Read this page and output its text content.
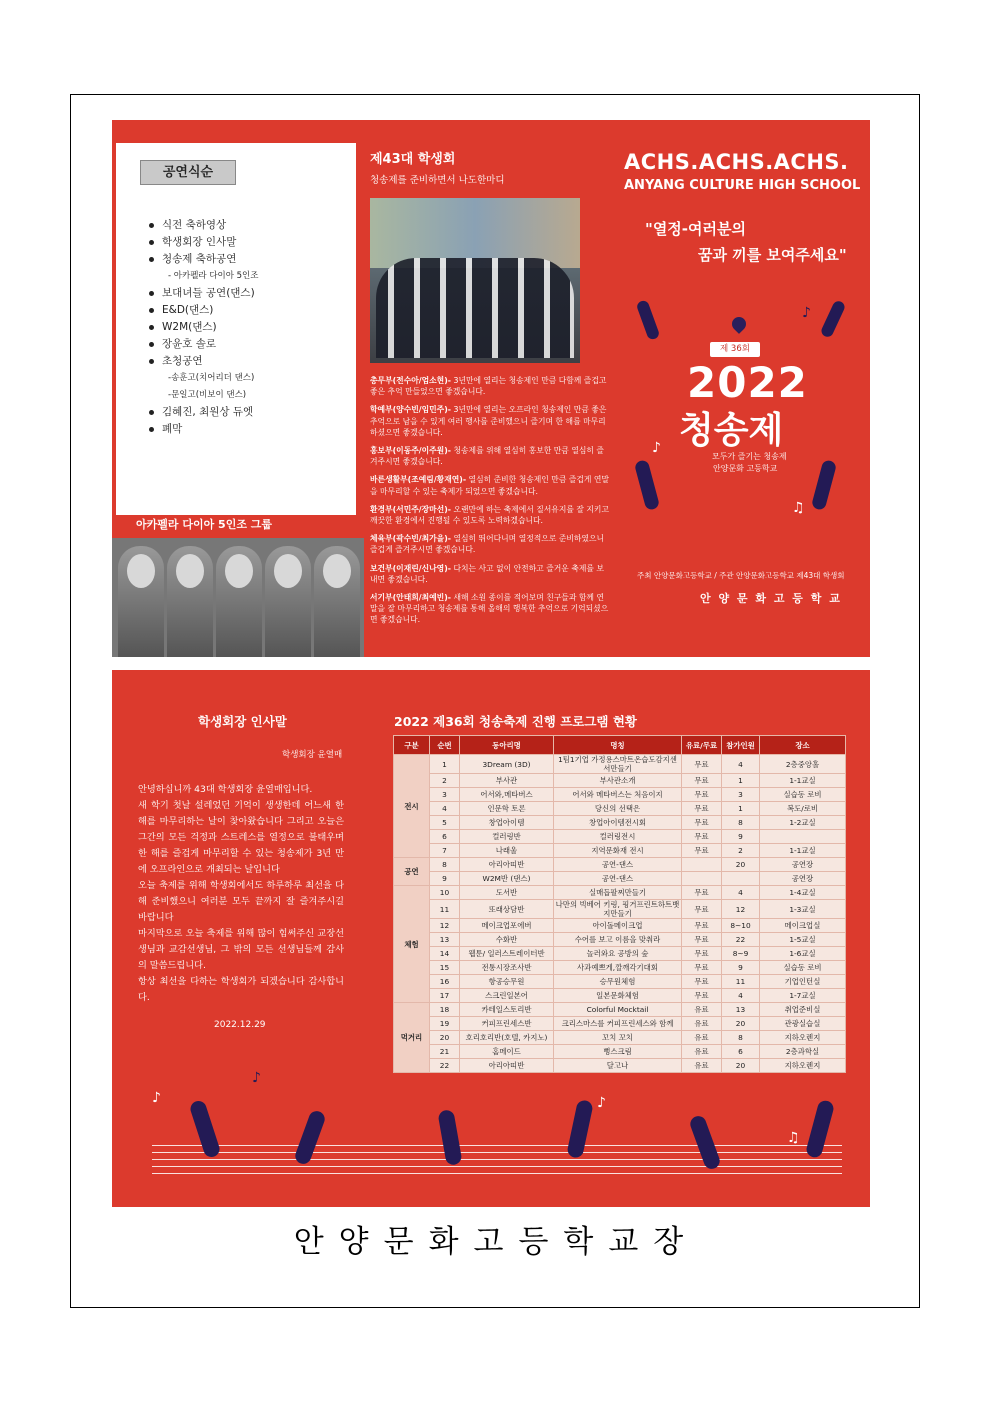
공연식순
식전 축하영상
학생회장 인사말
청송제 축하공연
- 아카펠라 다이아 5인조
보대녀들 공연(댄스)
E&D(댄스)
W2M(댄스)
장윤호 솔로
초청공연
-송훈고(치어리더 댄스)
-문일고(비보이 댄스)
김혜진, 최원상 듀엣
폐막
아카펠라 다이아 5인조 그룹
제43대 학생회
청송제를 준비하면서 나도한마디

총무부(전수아/엄소현)- 3년만에 열리는 청송제인 만큼 다함께 즐겁고 좋은 추억 만들었으면 좋겠습니다.

학예부(양수빈/임민주)- 3년만에 열리는 오프라인 청송제인 만큼 좋은 추억으로 남을 수 있게 여러 행사를 준비했으니 즐기며 한 해를 마무리 하셨으면 좋겠습니다.

홍보부(이동주/이주원)- 청송제를 위해 열심히 홍보한 만큼 열심히 즐겨주시면 좋겠습니다.

바른생활부(조예림/황재연)- 열심히 준비한 청송제인 만큼 즐겁게 연말을 마무리할 수 있는 축제가 되었으면 좋겠습니다.

환경부(서민주/장마선)- 오랜만에 하는 축제에서 질서유지를 잘 지키고 깨끗한 환경에서 진행될 수 있도록 노력하겠습니다.

체육부(곽수빈/최가을)- 열심히 뛰어다니며 열정적으로 준비하였으니 즐겁게 즐겨주시면 좋겠습니다.

보건부(이재린/신나영)- 다치는 사고 없이 안전하고 즐거운 축제를 보내면 좋겠습니다.

서기부(안태희/최예빈)- 새해 소원 종이를 적어보며 친구들과 함께 연말을 잘 마무리하고 청송제를 통해 올해의 행복한 추억으로 기억되셨으면 좋겠습니다.

ACHS.ACHS.ACHS.
ANYANG CULTURE HIGH SCHOOL
"열정-여러분의
꿈과 끼를 보여주세요"
제 36회
2022
청송제
모두가 즐기는 청송제
안양문화 고등학교
주최 안양문화고등학교 / 주관 안양문화고등학교 제43대 학생회
안 양 문 화 고 등 학 교
♪
♫
♪
학생회장 인사말
학생회장 윤열매
안녕하십니까 43대 학생회장 윤열매입니다.
새 학기 첫날 설레었던 기억이 생생한데 어느새 한 해를 마무리하는 날이 찾아왔습니다 그리고 오늘은 그간의 모든 걱정과 스트레스를 열정으로 불태우며 한 해를 즐겁게 마무리할 수 있는 청송제가 3년 만에 오프라인으로 개최되는 날입니다
오늘 축제를 위해 학생회에서도 하루하루 최선을 다해 준비했으니 여러분 모두 끝까지 잘 즐겨주시길 바랍니다
마지막으로 오늘 축제를 위해 많이 힘써주신 교장선생님과 교감선생님, 그 밖의 모든 선생님들께 감사의 말씀드립니다.
항상 최선을 다하는 학생회가 되겠습니다 감사합니다.
2022.12.29
2022 제36회 청송축제 진행 프로그램 현황
구분	순번	동아리명	명칭	유료/무료	참가인원	장소
전시	1	3Dream (3D)	1팀1기업 가정용스마트온습도감지센서만들기	무료	4	2층중앙홀
	2	부사관	부사관소개	무료	1	1-1교실
	3	어서와,메타버스	어서와 메타버스는 처음이지	무료	3	실습동 로비
	4	인문학 토론	당신의 선택은	무료	1	복도/로비
	5	창업아이템	창업아이템전시회	무료	8	1-2교실
	6	컬러링반	컬러링전시	무료	9	
	7	나래울	지역문화재 전시	무료	2	1-1교실
공연	8	아리아띠반	공연-댄스		20	공연장
	9	W2M반 (댄스)	공연-댄스			공연장
체험	10	도서반	실매듭팔찌만들기	무료	4	1-4교실
	11	또래상담반	나만의 빅베어 키링, 핑거프린트하트뱃지만들기	무료	12	1-3교실
	12	메이크업포에버	아이돌메이크업	무료	8~10	메이크업실
	13	수화반	수어를 보고 이름을 맞춰라	무료	22	1-5교실
	14	웹툰/ 일러스트레이터반	놀러와요 공방의 숲	무료	8~9	1-6교실
	15	전통시장조사반	사과예쁘게,깔깨각기대회	무료	9	실습동 로비
	16	항공승무원	승무원체험	무료	11	기업인턴실
	17	스크린일본어	일본문화체험	무료	4	1-7교실
먹거리	18	카테일스토리반	Colorful Mocktail	유료	13	취업준비실
	19	커피프린세스반	크리스마스를 커피프린세스와 함께	유료	20	관광실습실
	20	호리호리반(호텔, 카지노)	꼬치 꼬치	유료	8	지하오렌지
	21	홈메이드	뻥스크림	유료	6	2층과학실
	22	아리아띠반	달고나	유료	20	지하오렌지
♪	♪
♫
♪
안양문화고등학교장
